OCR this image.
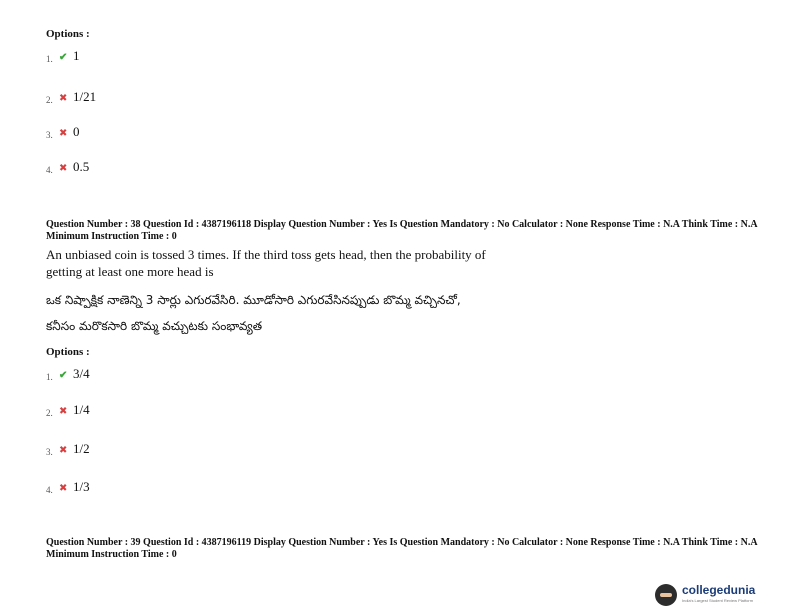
Options :
1. ✔ 1
2. ✖ 1/21
3. ✖ 0
4. ✖ 0.5
Question Number : 38 Question Id : 4387196118 Display Question Number : Yes Is Question Mandatory : No Calculator : None Response Time : N.A Think Time : N.A Minimum Instruction Time : 0
An unbiased coin is tossed 3 times. If the third toss gets head, then the probability of
getting at least one more head is
ఒక నిష్పాక్షిక నాణెన్ని 3 సార్లు ఎగురవేసిరి. మూడోసారి ఎగురవేసినప్పుడు బొమ్మ వచ్చినచో,
కనీసం మరొకసారి బొమ్మ వచ్చుటకు సంభావ్యత
Options :
1. ✔ 3/4
2. ✖ 1/4
3. ✖ 1/2
4. ✖ 1/3
Question Number : 39 Question Id : 4387196119 Display Question Number : Yes Is Question Mandatory : No Calculator : None Response Time : N.A Think Time : N.A Minimum Instruction Time : 0
collegedunia
India's Largest Student Review Platform
